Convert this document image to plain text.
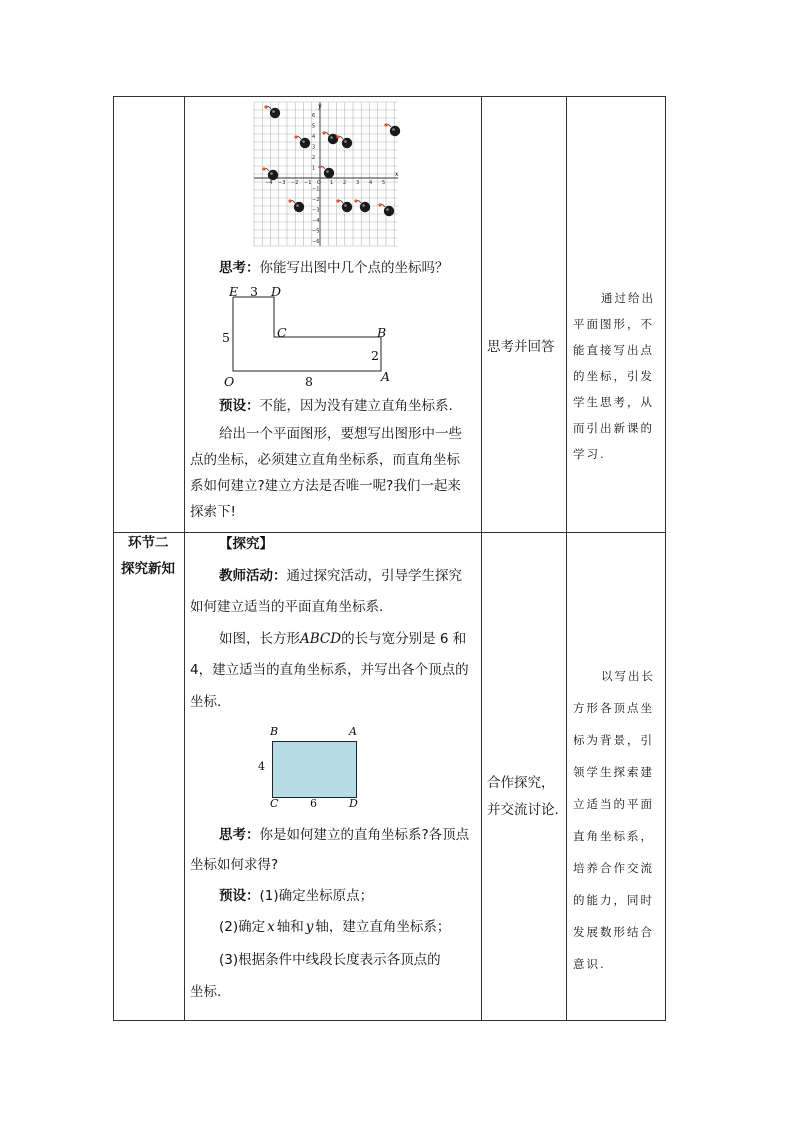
y
x
6
5
4
3
2
1
−1
−2
−3
−4
−5
−6
−4 −3 −2 −1 O 1 2 3 4 5
思考：你能写出图中几个点的坐标吗？
E 3 D
5	C	B
2
O	8	A
预设：不能，因为没有建立直角坐标系.
给出一个平面图形，要想写出图形中一些
点的坐标，必须建立直角坐标系，而直角坐标
系如何建立?建立方法是否唯一呢?我们一起来
探索下!
思考并回答
通过给出
平面图形，不
能直接写出点
的坐标，引发
学生思考，从
而引出新课的
学习.
环节二
探究新知
【探究】
教师活动：通过探究活动，引导学生探究
如何建立适当的平面直角坐标系.
如图，长方形ABCD的长与宽分别是 6 和
4，建立适当的直角坐标系，并写出各个顶点的
坐标.
B	A
C	D
6
4
思考：你是如何建立的直角坐标系?各顶点
坐标如何求得?
预设：(1)确定坐标原点；
(2)确定 x 轴和 y 轴，建立直角坐标系；
(3)根据条件中线段长度表示各顶点的
坐标.
合作探究，
并交流讨论.
以写出长
方形各顶点坐
标为背景，引
领学生探索建
立适当的平面
直角坐标系，
培养合作交流
的能力，同时
发展数形结合
意识.
